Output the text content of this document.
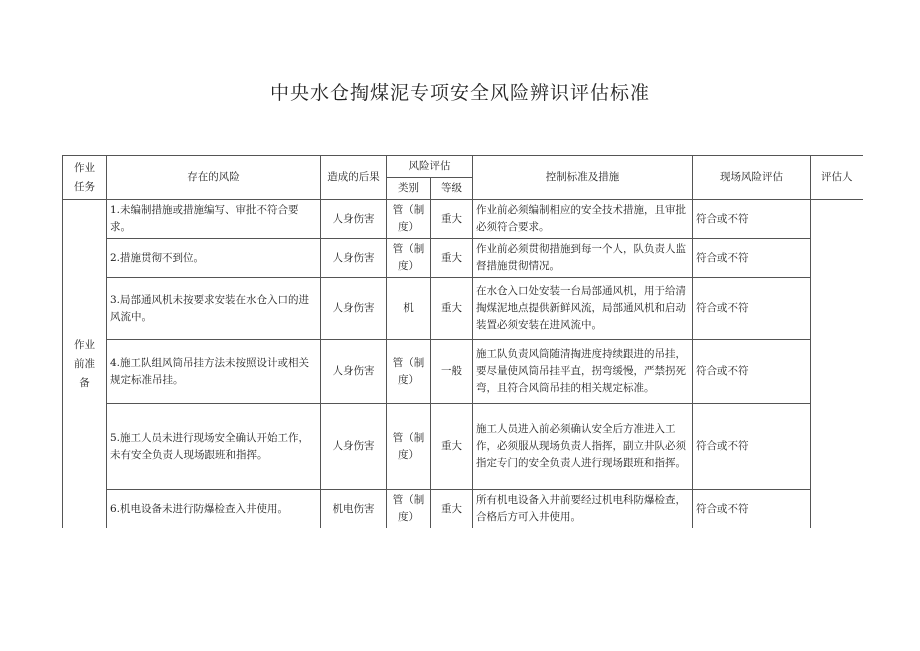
中央水仓掏煤泥专项安全风险辨识评估标准
作业任务	存在的风险	造成的后果	风险评估		控制标准及措施	现场风险评估	评估人
			类别	等级			

作业前准备	1.未编制措施或措施编写、审批不符合要求。	人身伤害	管（制度）	重大	作业前必须编制相应的安全技术措施，且审批必须符合要求。	符合或不符	
	2.措施贯彻不到位。	人身伤害	管（制度）	重大	作业前必须贯彻措施到每一个人，队负责人监督措施贯彻情况。	符合或不符	
	3.局部通风机未按要求安装在水仓入口的进风流中。	人身伤害	机	重大	在水仓入口处安装一台局部通风机，用于给清掏煤泥地点提供新鲜风流，局部通风机和启动装置必须安装在进风流中。	符合或不符	
	4.施工队组风筒吊挂方法未按照设计或相关规定标准吊挂。	人身伤害	管（制度）	一般	施工队负责风筒随清掏进度持续跟进的吊挂，要尽量使风筒吊挂平直，拐弯缓慢，严禁拐死弯，且符合风筒吊挂的相关规定标准。	符合或不符	
	5.施工人员未进行现场安全确认开始工作，未有安全负责人现场跟班和指挥。	人身伤害	管（制度）	重大	施工人员进入前必须确认安全后方准进入工作，必须服从现场负责人指挥，副立井队必须指定专门的安全负责人进行现场跟班和指挥。	符合或不符	
	6.机电设备未进行防爆检查入井使用。	机电伤害	管（制度）	重大	所有机电设备入井前要经过机电科防爆检查，合格后方可入井使用。	符合或不符	
